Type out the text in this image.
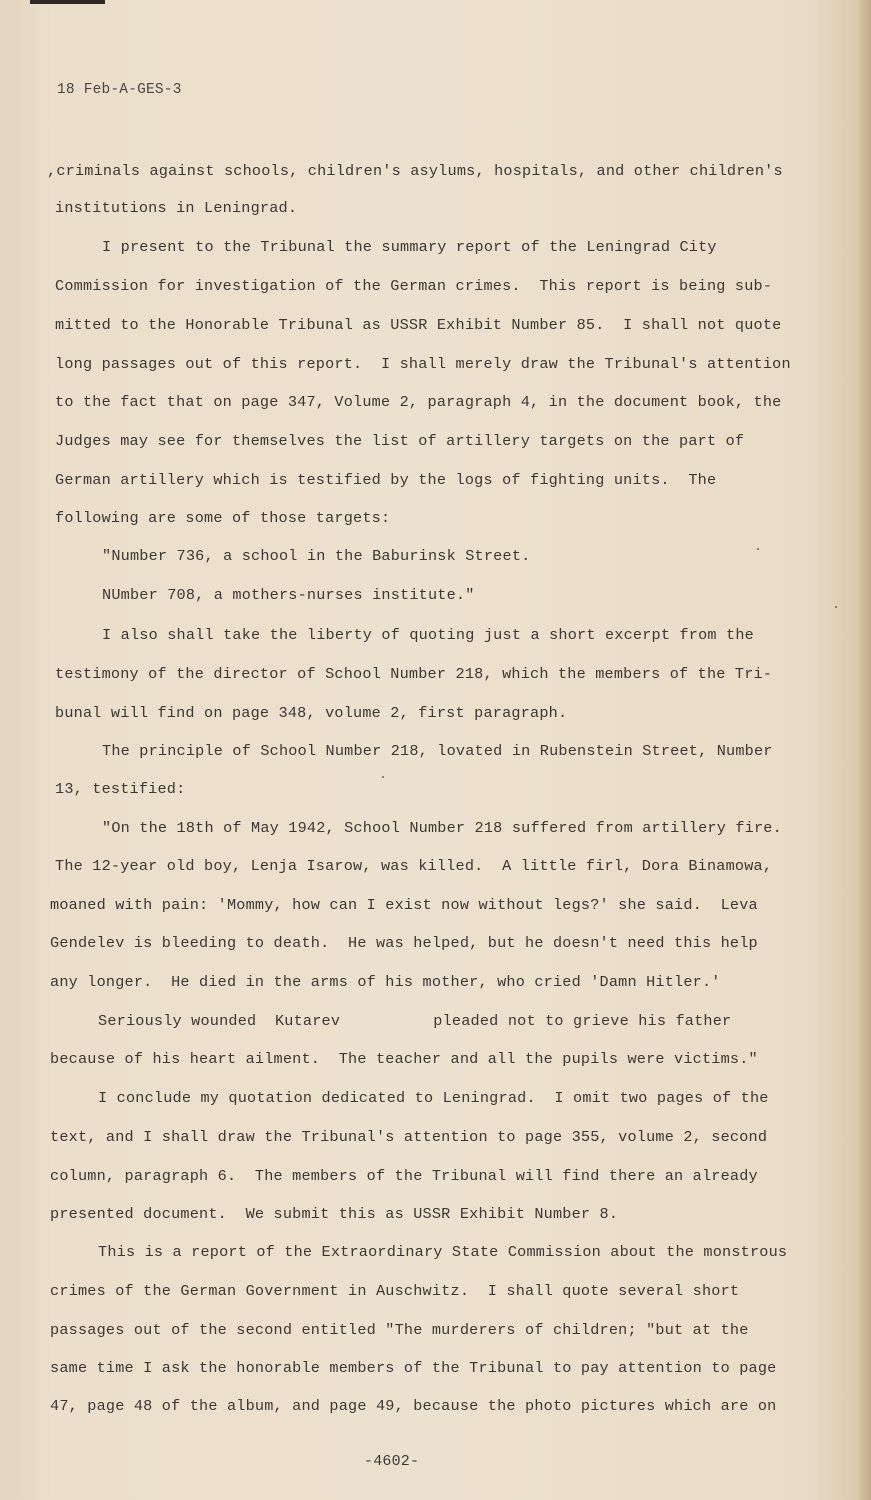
18 Feb-A-GES-3
,criminals against schools, children's asylums, hospitals, and other children's
institutions in Leningrad.
I present to the Tribunal the summary report of the Leningrad City
Commission for investigation of the German crimes.  This report is being sub-
mitted to the Honorable Tribunal as USSR Exhibit Number 85.  I shall not quote
long passages out of this report.  I shall merely draw the Tribunal's attention
to the fact that on page 347, Volume 2, paragraph 4, in the document book, the
Judges may see for themselves the list of artillery targets on the part of
German artillery which is testified by the logs of fighting units.  The
following are some of those targets:
"Number 736, a school in the Baburinsk Street.
NUmber 708, a mothers-nurses institute."
I also shall take the liberty of quoting just a short excerpt from the
testimony of the director of School Number 218, which the members of the Tri-
bunal will find on page 348, volume 2, first paragraph.
The principle of School Number 218, lovated in Rubenstein Street, Number
13, testified:
"On the 18th of May 1942, School Number 218 suffered from artillery fire.
The 12-year old boy, Lenja Isarow, was killed.  A little firl, Dora Binamowa,
moaned with pain: 'Mommy, how can I exist now without legs?' she said.  Leva
Gendelev is bleeding to death.  He was helped, but he doesn't need this help
any longer.  He died in the arms of his mother, who cried 'Damn Hitler.'
Seriously wounded  Kutarev          pleaded not to grieve his father
because of his heart ailment.  The teacher and all the pupils were victims."
I conclude my quotation dedicated to Leningrad.  I omit two pages of the
text, and I shall draw the Tribunal's attention to page 355, volume 2, second
column, paragraph 6.  The members of the Tribunal will find there an already
presented document.  We submit this as USSR Exhibit Number 8.
This is a report of the Extraordinary State Commission about the monstrous
crimes of the German Government in Auschwitz.  I shall quote several short
passages out of the second entitled "The murderers of children; "but at the
same time I ask the honorable members of the Tribunal to pay attention to page
47, page 48 of the album, and page 49, because the photo pictures which are on
-4602-
